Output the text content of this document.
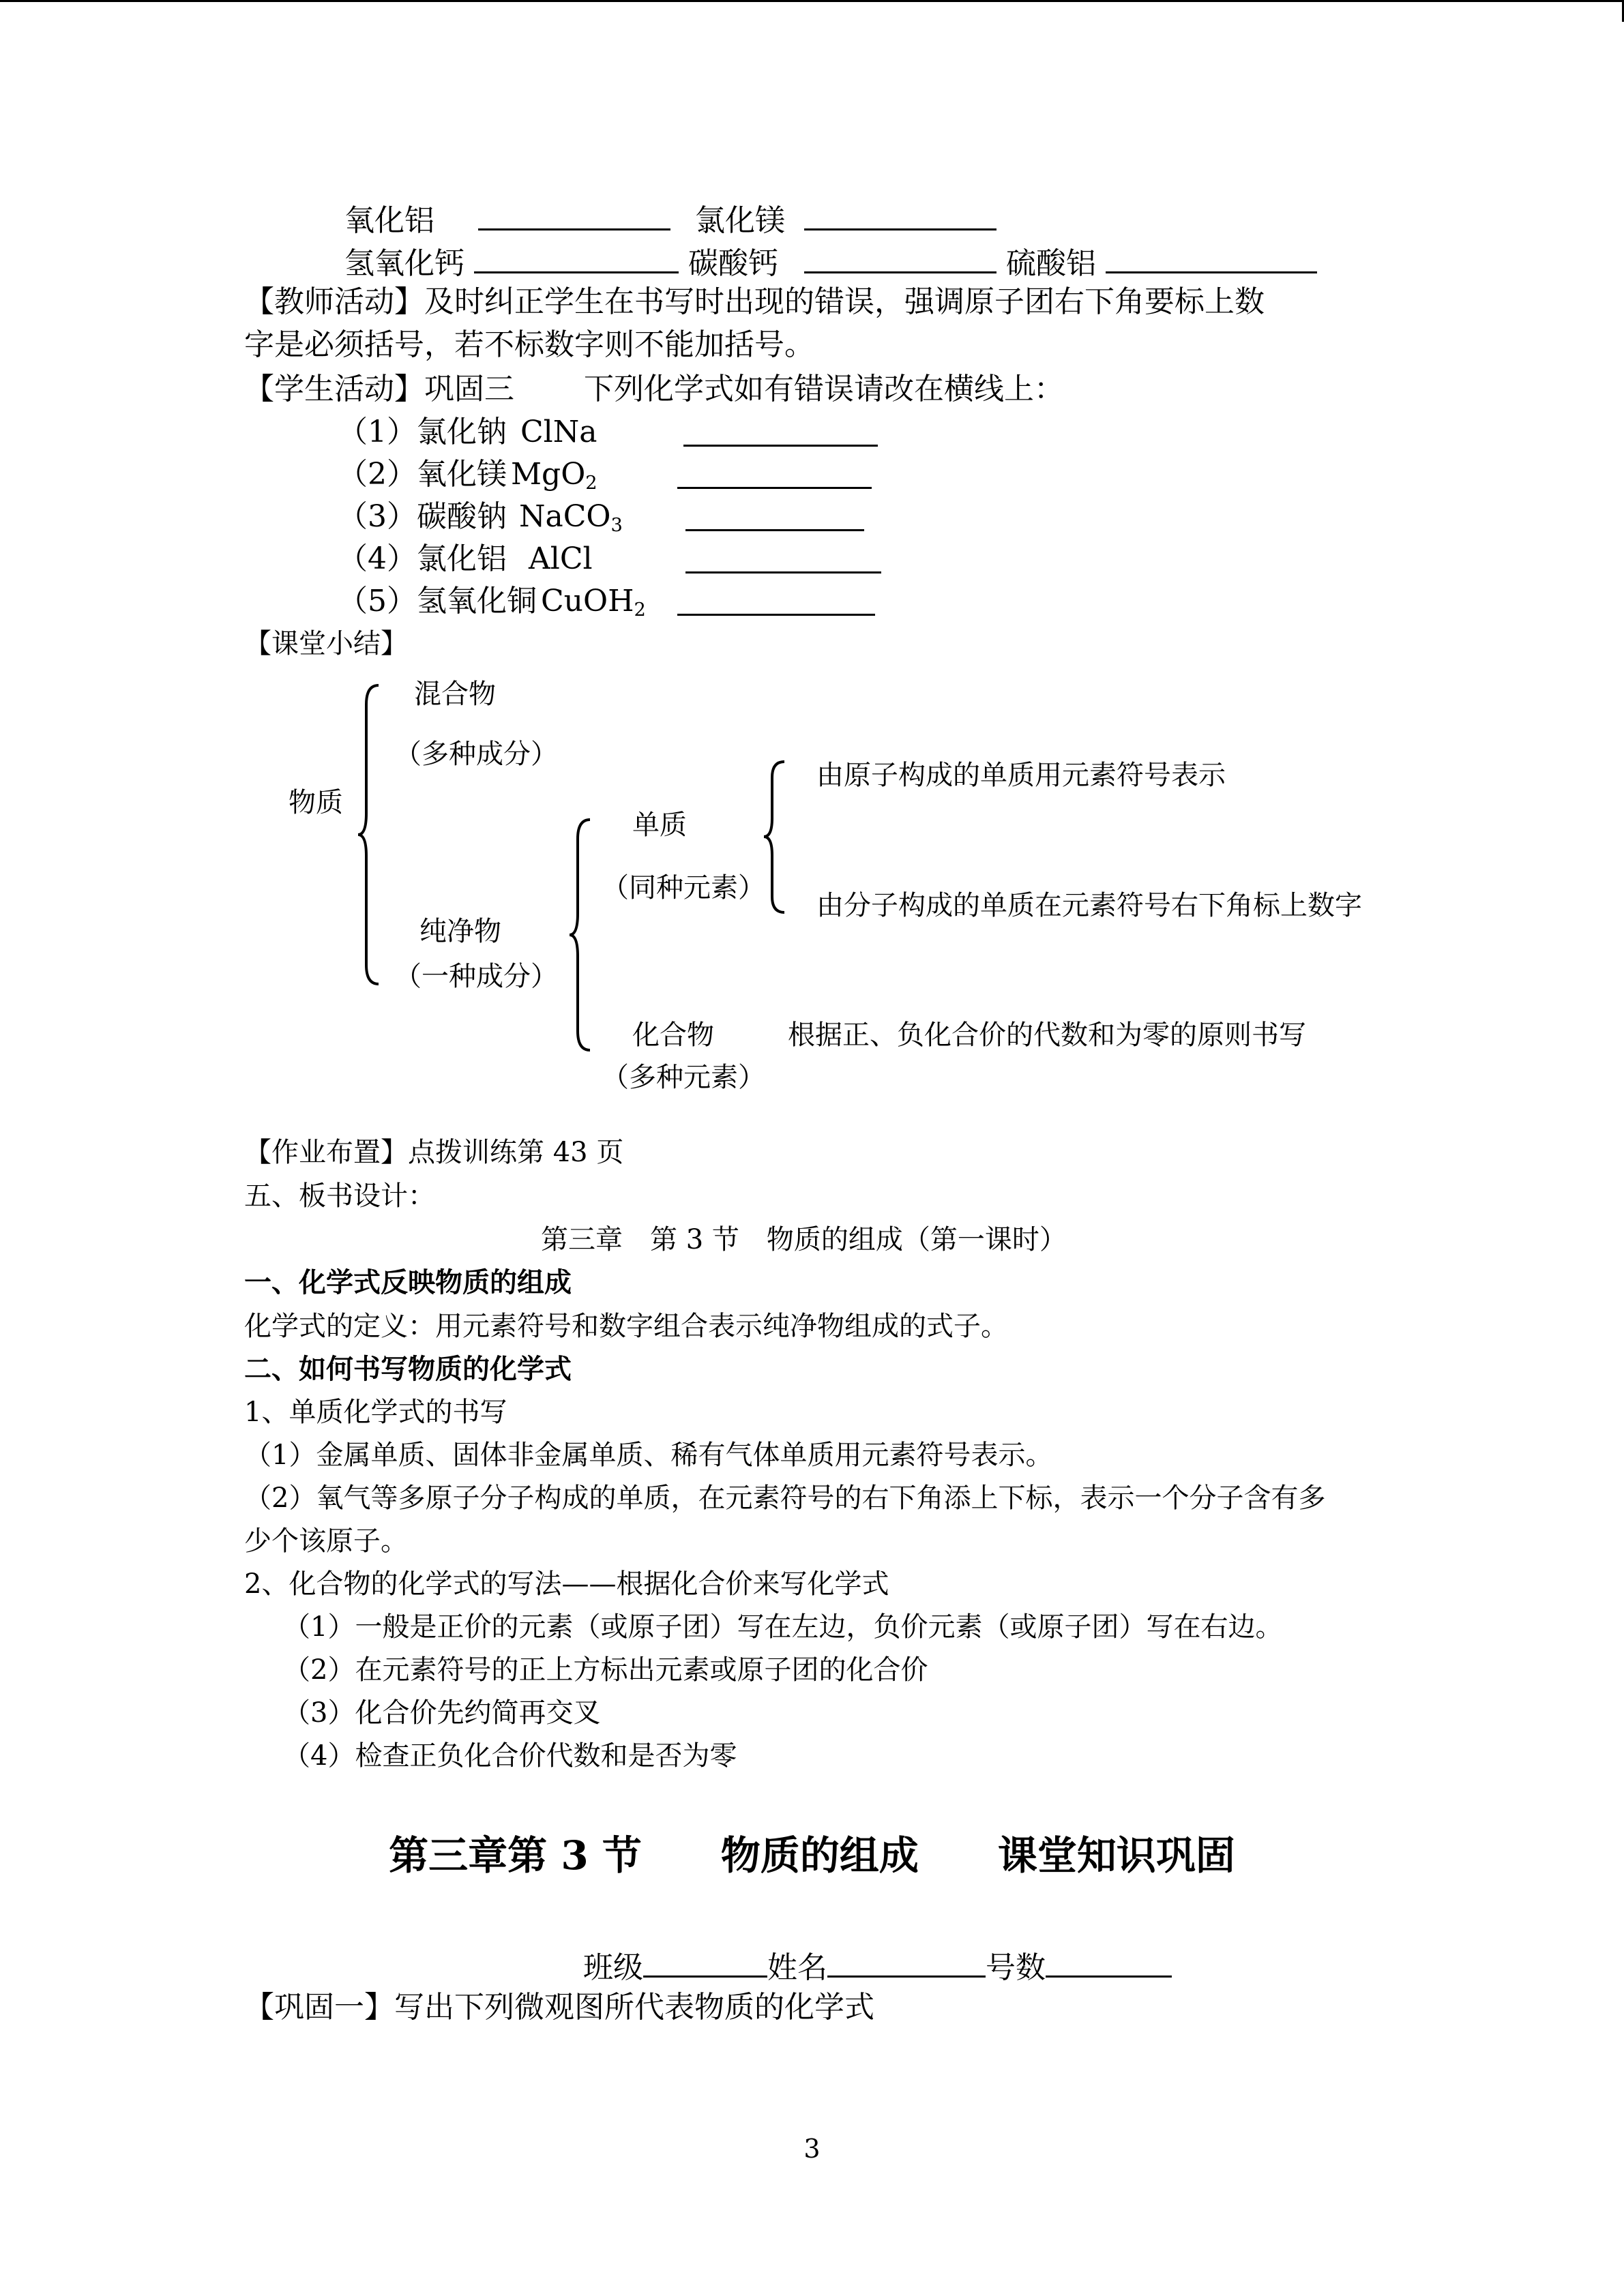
氧化铝	氯化镁
氢氧化钙	碳酸钙	硫酸铝
【教师活动】及时纠正学生在书写时出现的错误，强调原子团右下角要标上数
字是必须括号，若不标数字则不能加括号。
【学生活动】巩固三 下列化学式如有错误请改在横线上：
（1）氯化钠 ClNa
（2）氧化镁 MgO$_2$
（3）碳酸钠 NaCO$_3$
（4）氯化铝 AlCl
（5）氢氧化铜 CuOH$_2$
【课堂小结】
物质
混合物
（多种成分）
纯净物
（一种成分）
单质
（同种元素）
化合物	根据正、负化合价的代数和为零的原则书写
（多种元素）
由原子构成的单质用元素符号表示
由分子构成的单质在元素符号右下角标上数字
【作业布置】点拨训练第 43 页
五、板书设计：
第三章　第 3 节　物质的组成（第一课时）
一、化学式反映物质的组成
化学式的定义：用元素符号和数字组合表示纯净物组成的式子。
二、如何书写物质的化学式
1、单质化学式的书写
（1）金属单质、固体非金属单质、稀有气体单质用元素符号表示。
（2）氧气等多原子分子构成的单质，在元素符号的右下角添上下标，表示一个分子含有多
少个该原子。
2、化合物的化学式的写法——根据化合价来写化学式
（1）一般是正价的元素（或原子团）写在左边，负价元素（或原子团）写在右边。
（2）在元素符号的正上方标出元素或原子团的化合价
（3）化合价先约简再交叉
（4）检查正负化合价代数和是否为零
第三章第 3 节　　物质的组成　　课堂知识巩固
班级	姓名	号数
【巩固一】写出下列微观图所代表物质的化学式
3
